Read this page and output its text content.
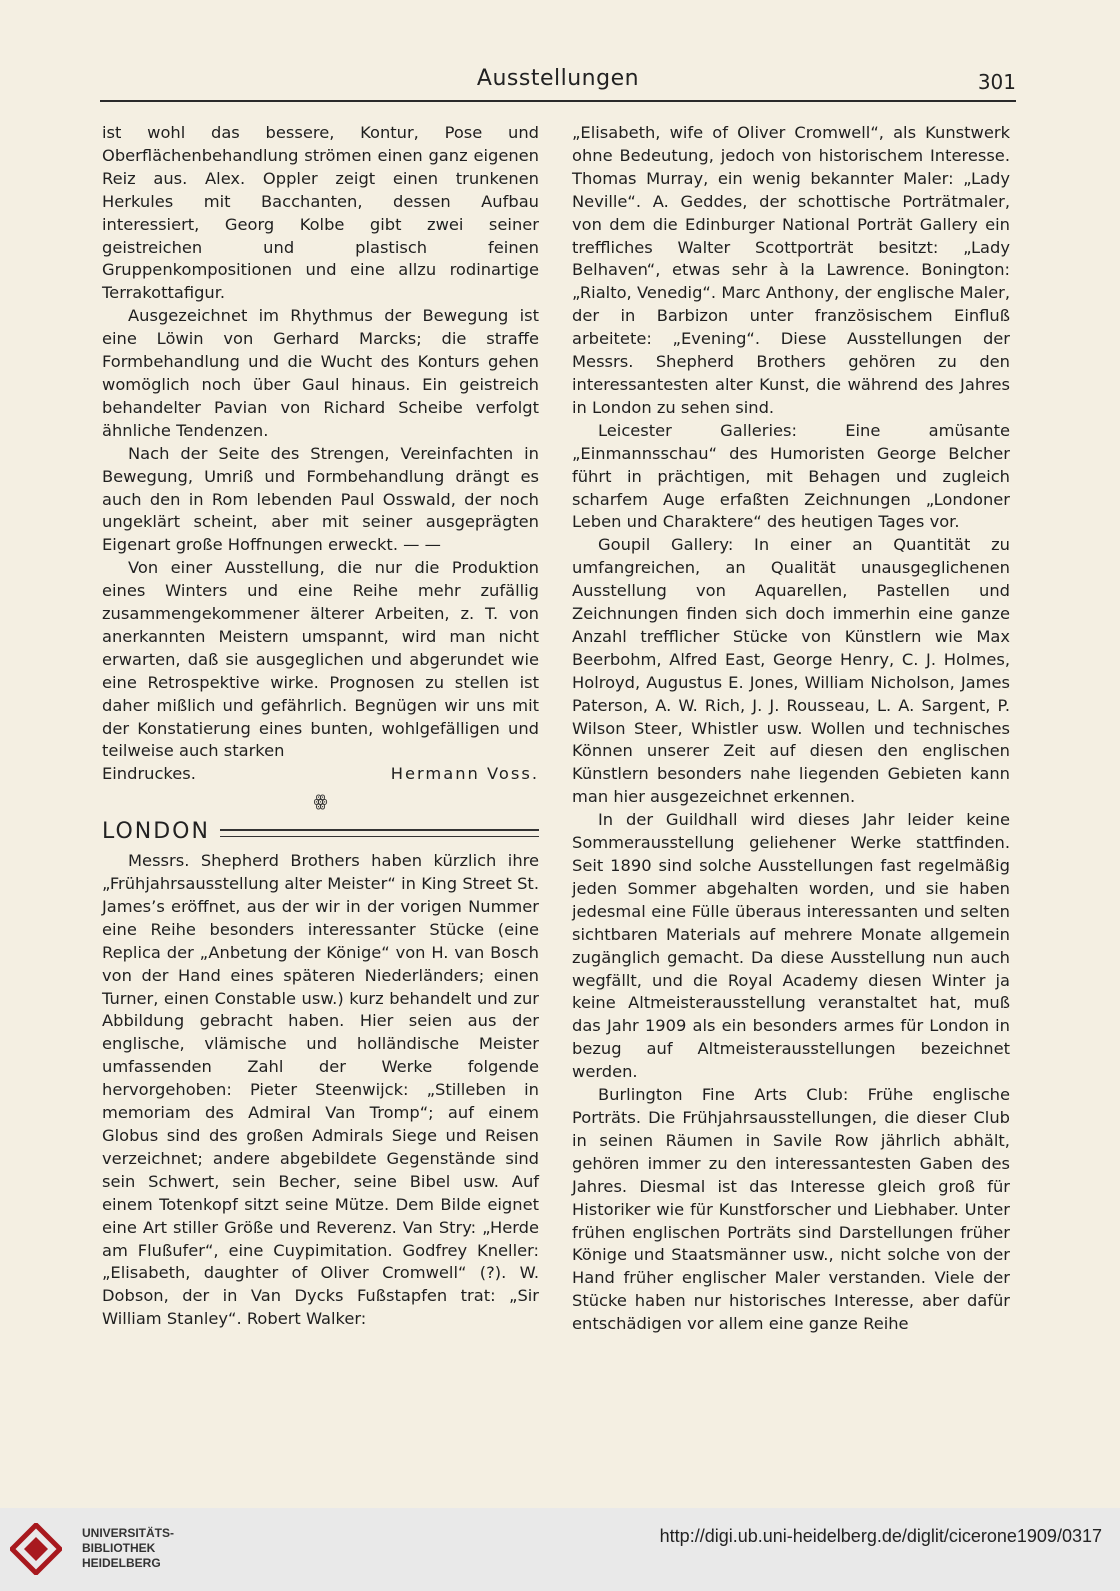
Ausstellungen	301

ist wohl das bessere, Kontur, Pose und Oberflächenbehandlung strömen einen ganz eigenen Reiz aus. Alex. Oppler zeigt einen trunkenen Herkules mit Bacchanten, dessen Aufbau interessiert, Georg Kolbe gibt zwei seiner geistreichen und plastisch feinen Gruppenkompositionen und eine allzu rodinartige Terrakottafigur.

Ausgezeichnet im Rhythmus der Bewegung ist eine Löwin von Gerhard Marcks; die straffe Formbehandlung und die Wucht des Konturs gehen womöglich noch über Gaul hinaus. Ein geistreich behandelter Pavian von Richard Scheibe verfolgt ähnliche Tendenzen.

Nach der Seite des Strengen, Vereinfachten in Bewegung, Umriß und Formbehandlung drängt es auch den in Rom lebenden Paul Osswald, der noch ungeklärt scheint, aber mit seiner ausgeprägten Eigenart große Hoffnungen erweckt. — —

Von einer Ausstellung, die nur die Produktion eines Winters und eine Reihe mehr zufällig zusammengekommener älterer Arbeiten, z. T. von anerkannten Meistern umspannt, wird man nicht erwarten, daß sie ausgeglichen und abgerundet wie eine Retrospektive wirke. Prognosen zu stellen ist daher mißlich und gefährlich. Begnügen wir uns mit der Konstatierung eines bunten, wohlgefälligen und teilweise auch starken

Eindruckes.	Hermann Voss.
ꙮ
LONDON

Messrs. Shepherd Brothers haben kürzlich ihre „Frühjahrsausstellung alter Meister“ in King Street St. James’s eröffnet, aus der wir in der vorigen Nummer eine Reihe besonders interessanter Stücke (eine Replica der „Anbetung der Könige“ von H. van Bosch von der Hand eines späteren Niederländers; einen Turner, einen Constable usw.) kurz behandelt und zur Abbildung gebracht haben. Hier seien aus der englische, vlämische und holländische Meister umfassenden Zahl der Werke folgende hervorgehoben: Pieter Steenwijck: „Stilleben in memoriam des Admiral Van Tromp“; auf einem Globus sind des großen Admirals Siege und Reisen verzeichnet; andere abgebildete Gegenstände sind sein Schwert, sein Becher, seine Bibel usw. Auf einem Totenkopf sitzt seine Mütze. Dem Bilde eignet eine Art stiller Größe und Reverenz. Van Stry: „Herde am Flußufer“, eine Cuypimitation. Godfrey Kneller: „Elisabeth, daughter of Oliver Cromwell“ (?). W. Dobson, der in Van Dycks Fußstapfen trat: „Sir William Stanley“. Robert Walker:

„Elisabeth, wife of Oliver Cromwell“, als Kunstwerk ohne Bedeutung, jedoch von historischem Interesse. Thomas Murray, ein wenig bekannter Maler: „Lady Neville“. A. Geddes, der schottische Porträtmaler, von dem die Edinburger National Porträt Gallery ein treffliches Walter Scottporträt besitzt: „Lady Belhaven“, etwas sehr à la Lawrence. Bonington: „Rialto, Venedig“. Marc Anthony, der englische Maler, der in Barbizon unter französischem Einfluß arbeitete: „Evening“. Diese Ausstellungen der Messrs. Shepherd Brothers gehören zu den interessantesten alter Kunst, die während des Jahres in London zu sehen sind.

Leicester Galleries: Eine amüsante „Einmannsschau“ des Humoristen George Belcher führt in prächtigen, mit Behagen und zugleich scharfem Auge erfaßten Zeichnungen „Londoner Leben und Charaktere“ des heutigen Tages vor.

Goupil Gallery: In einer an Quantität zu umfangreichen, an Qualität unausgeglichenen Ausstellung von Aquarellen, Pastellen und Zeichnungen finden sich doch immerhin eine ganze Anzahl trefflicher Stücke von Künstlern wie Max Beerbohm, Alfred East, George Henry, C. J. Holmes, Holroyd, Augustus E. Jones, William Nicholson, James Paterson, A. W. Rich, J. J. Rousseau, L. A. Sargent, P. Wilson Steer, Whistler usw. Wollen und technisches Können unserer Zeit auf diesen den englischen Künstlern besonders nahe liegenden Gebieten kann man hier ausgezeichnet erkennen.

In der Guildhall wird dieses Jahr leider keine Sommerausstellung geliehener Werke stattfinden. Seit 1890 sind solche Ausstellungen fast regelmäßig jeden Sommer abgehalten worden, und sie haben jedesmal eine Fülle überaus interessanten und selten sichtbaren Materials auf mehrere Monate allgemein zugänglich gemacht. Da diese Ausstellung nun auch wegfällt, und die Royal Academy diesen Winter ja keine Altmeisterausstellung veranstaltet hat, muß das Jahr 1909 als ein besonders armes für London in bezug auf Altmeisterausstellungen bezeichnet werden.

Burlington Fine Arts Club: Frühe englische Porträts. Die Frühjahrsausstellungen, die dieser Club in seinen Räumen in Savile Row jährlich abhält, gehören immer zu den interessantesten Gaben des Jahres. Diesmal ist das Interesse gleich groß für Historiker wie für Kunstforscher und Liebhaber. Unter frühen englischen Porträts sind Darstellungen früher Könige und Staatsmänner usw., nicht solche von der Hand früher englischer Maler verstanden. Viele der Stücke haben nur historisches Interesse, aber dafür entschädigen vor allem eine ganze Reihe

UNIVERSITÄTS-
BIBLIOTHEK
HEIDELBERG
http://digi.ub.uni-heidelberg.de/diglit/cicerone1909/0317
